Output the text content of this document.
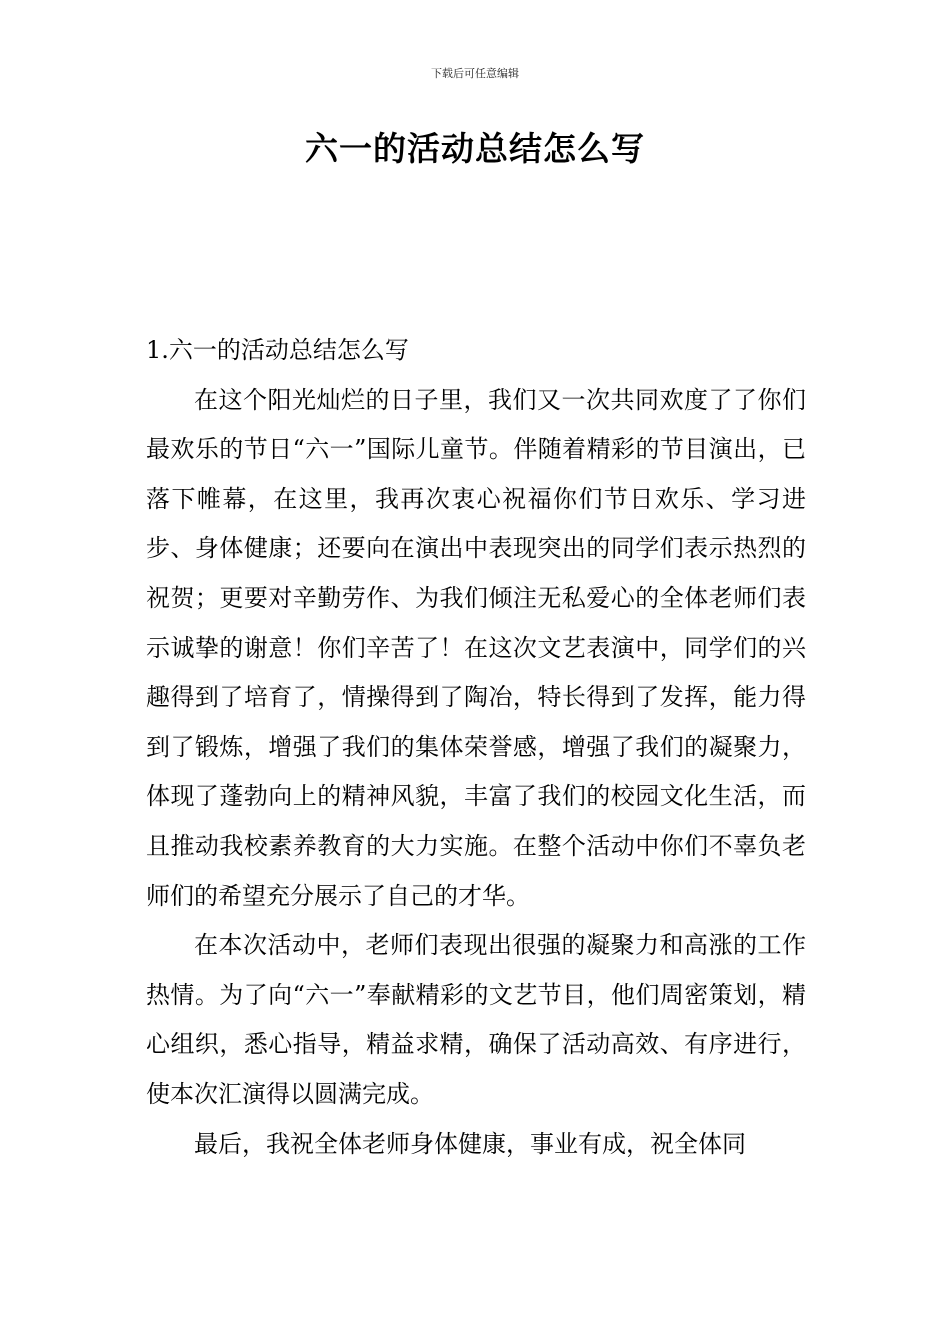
下载后可任意编辑
六一的活动总结怎么写
1.六一的活动总结怎么写

在这个阳光灿烂的日子里，我们又一次共同欢度了了你们最欢乐的节日“六一”国际儿童节。伴随着精彩的节目演出，已落下帷幕，在这里，我再次衷心祝福你们节日欢乐、学习进步、身体健康；还要向在演出中表现突出的同学们表示热烈的祝贺；更要对辛勤劳作、为我们倾注无私爱心的全体老师们表示诚挚的谢意！你们辛苦了！在这次文艺表演中，同学们的兴趣得到了培育了，情操得到了陶冶，特长得到了发挥，能力得到了锻炼，增强了我们的集体荣誉感，增强了我们的凝聚力，体现了蓬勃向上的精神风貌，丰富了我们的校园文化生活，而且推动我校素养教育的大力实施。在整个活动中你们不辜负老师们的希望充分展示了自己的才华。

在本次活动中，老师们表现出很强的凝聚力和高涨的工作热情。为了向“六一”奉献精彩的文艺节目，他们周密策划，精心组织，悉心指导，精益求精，确保了活动高效、有序进行，使本次汇演得以圆满完成。

最后，我祝全体老师身体健康，事业有成，祝全体同
